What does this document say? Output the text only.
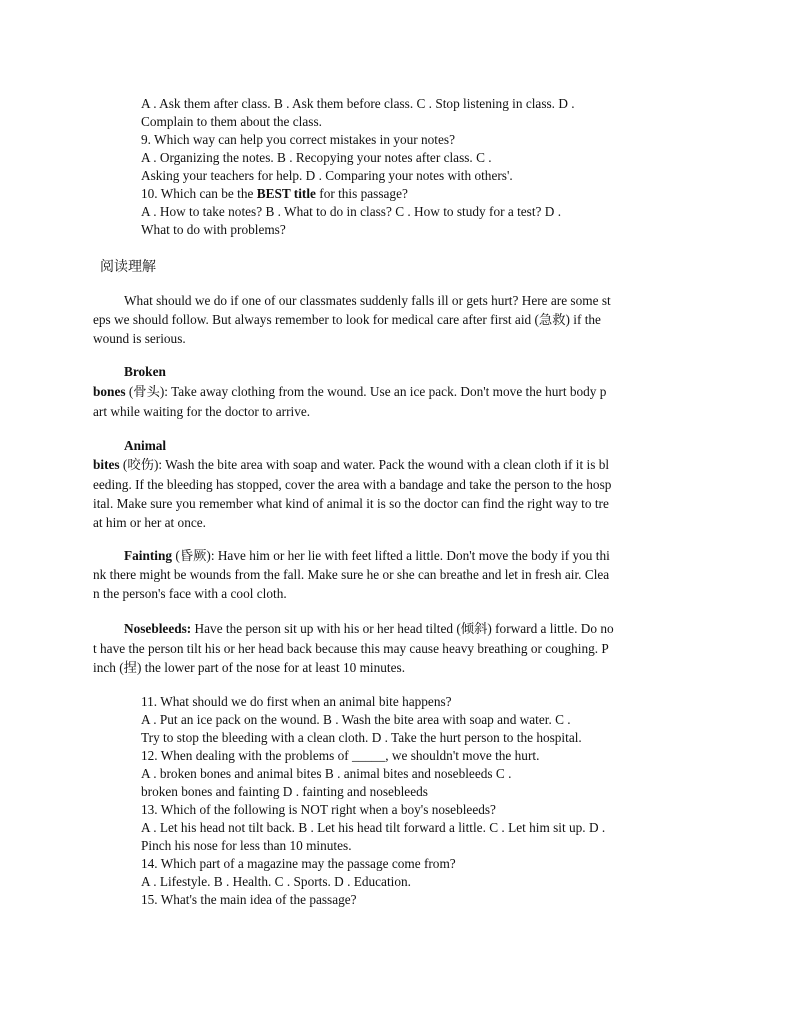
A . Ask them after class. B . Ask them before class. C . Stop listening in class. D .
Complain to them about the class.
9. Which way can help you correct mistakes in your notes?
A . Organizing the notes. B . Recopying your notes after class. C .
Asking your teachers for help. D . Comparing your notes with others'.
10. Which can be the BEST title for this passage?
A . How to take notes? B . What to do in class? C . How to study for a test? D .
What to do with problems?
阅读理解
What should we do if one of our classmates suddenly falls ill or gets hurt? Here are some st
eps we should follow. But always remember to look for medical care after first aid (急救) if the
wound is serious.
Broken
bones (骨头): Take away clothing from the wound. Use an ice pack. Don't move the hurt body p
art while waiting for the doctor to arrive.
Animal
bites (咬伤): Wash the bite area with soap and water. Pack the wound with a clean cloth if it is bl
eeding. If the bleeding has stopped, cover the area with a bandage and take the person to the hosp
ital. Make sure you remember what kind of animal it is so the doctor can find the right way to tre
at him or her at once.
Fainting (昏厥): Have him or her lie with feet lifted a little. Don't move the body if you thi
nk there might be wounds from the fall. Make sure he or she can breathe and let in fresh air. Clea
n the person's face with a cool cloth.
Nosebleeds: Have the person sit up with his or her head tilted (倾斜) forward a little. Do no
t have the person tilt his or her head back because this may cause heavy breathing or coughing. P
inch (捏) the lower part of the nose for at least 10 minutes.
11. What should we do first when an animal bite happens?
A . Put an ice pack on the wound. B . Wash the bite area with soap and water. C .
Try to stop the bleeding with a clean cloth. D . Take the hurt person to the hospital.
12. When dealing with the problems of _____, we shouldn't move the hurt.
A . broken bones and animal bites B . animal bites and nosebleeds C .
broken bones and fainting D . fainting and nosebleeds
13. Which of the following is NOT right when a boy's nosebleeds?
A . Let his head not tilt back. B . Let his head tilt forward a little. C . Let him sit up. D .
Pinch his nose for less than 10 minutes.
14. Which part of a magazine may the passage come from?
A . Lifestyle. B . Health. C . Sports. D . Education.
15. What's the main idea of the passage?
